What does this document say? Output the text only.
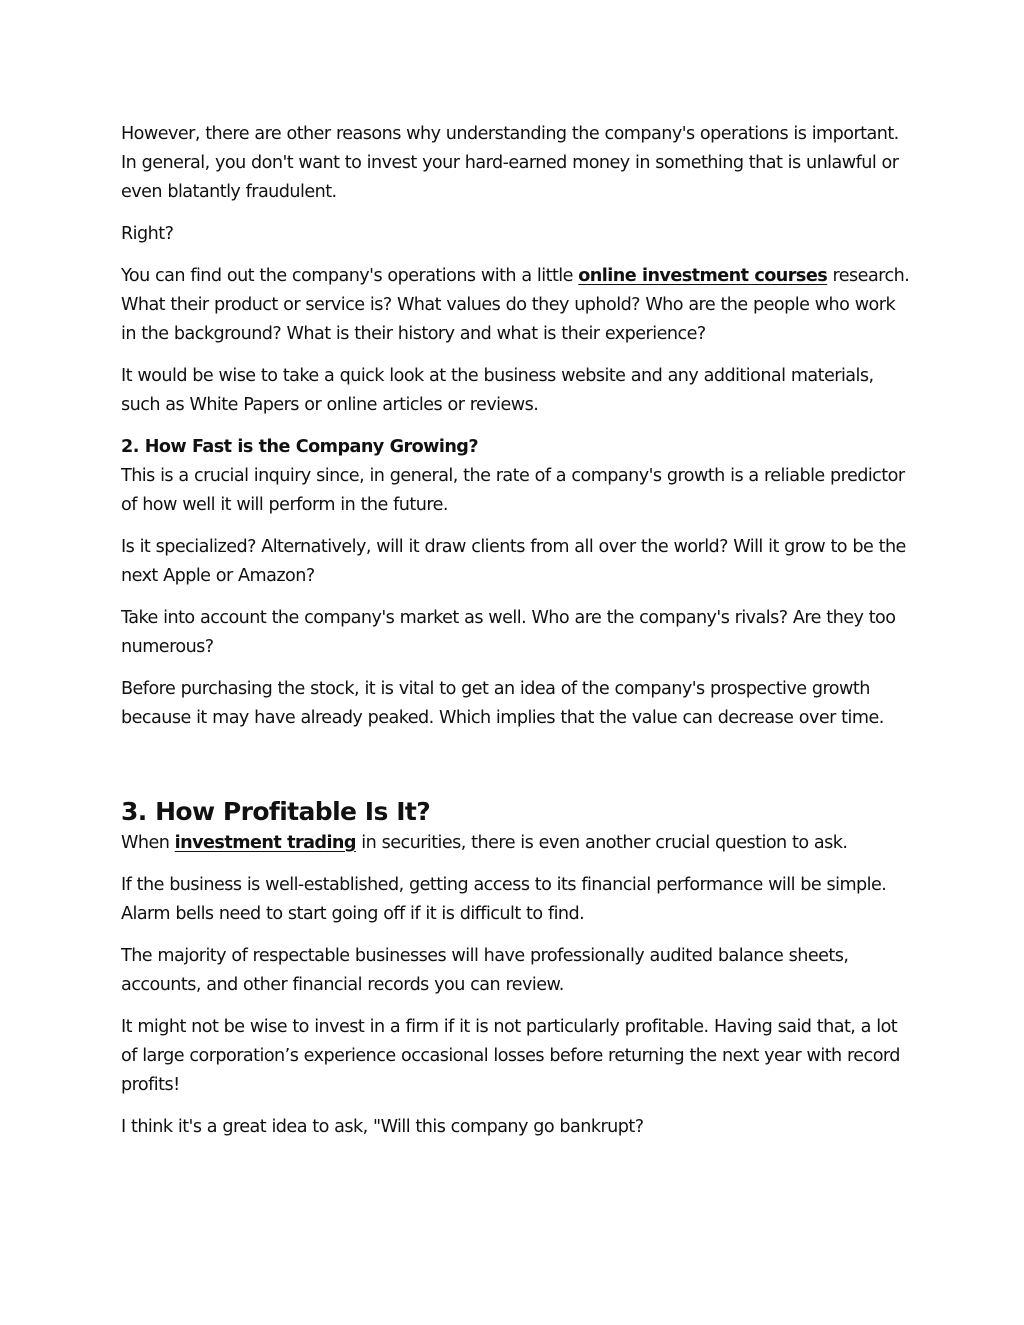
However, there are other reasons why understanding the company's operations is important. In general, you don't want to invest your hard-earned money in something that is unlawful or even blatantly fraudulent.

Right?

You can find out the company's operations with a little online investment courses research. What their product or service is? What values do they uphold? Who are the people who work in the background? What is their history and what is their experience?

It would be wise to take a quick look at the business website and any additional materials, such as White Papers or online articles or reviews.

2. How Fast is the Company Growing?
This is a crucial inquiry since, in general, the rate of a company's growth is a reliable predictor of how well it will perform in the future.

Is it specialized? Alternatively, will it draw clients from all over the world? Will it grow to be the next Apple or Amazon?

Take into account the company's market as well. Who are the company's rivals? Are they too numerous?

Before purchasing the stock, it is vital to get an idea of the company's prospective growth because it may have already peaked. Which implies that the value can decrease over time.

3. How Profitable Is It?

When investment trading in securities, there is even another crucial question to ask.

If the business is well-established, getting access to its financial performance will be simple. Alarm bells need to start going off if it is difficult to find.

The majority of respectable businesses will have professionally audited balance sheets, accounts, and other financial records you can review.

It might not be wise to invest in a firm if it is not particularly profitable. Having said that, a lot of large corporation’s experience occasional losses before returning the next year with record profits!

I think it's a great idea to ask, "Will this company go bankrupt?
